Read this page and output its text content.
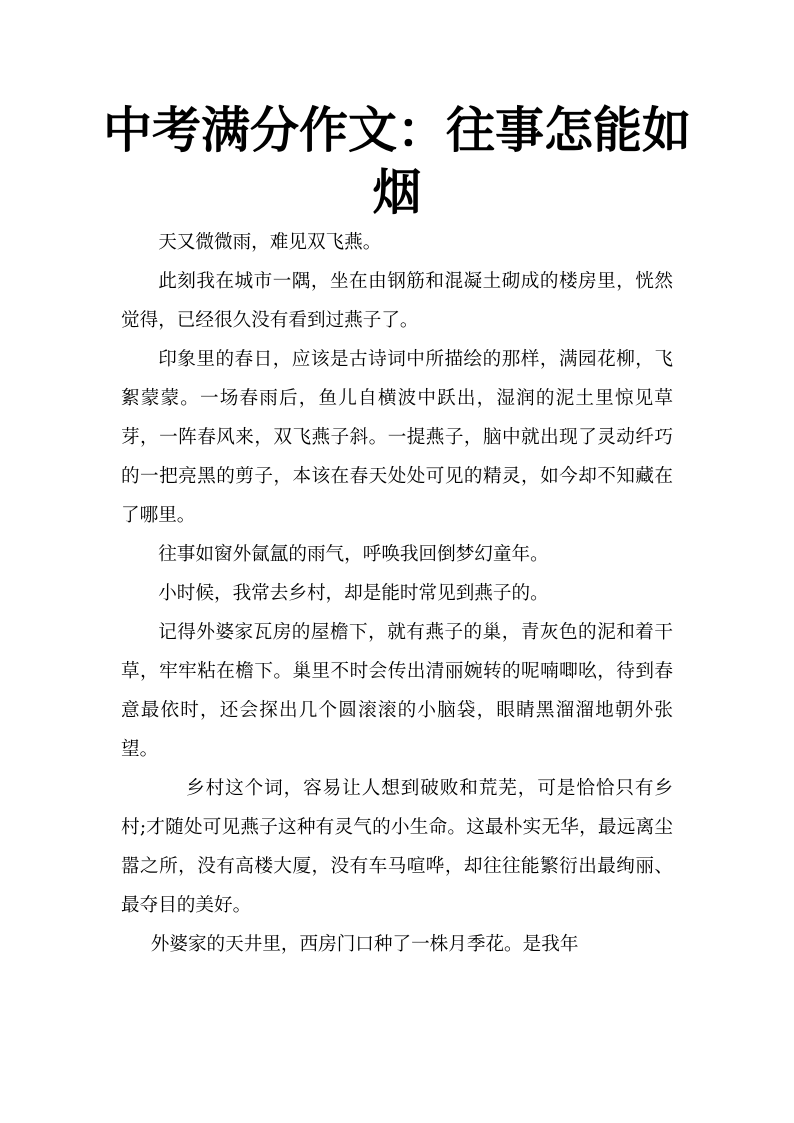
中考满分作文：往事怎能如烟

天又微微雨，难见双飞燕。

此刻我在城市一隅，坐在由钢筋和混凝土砌成的楼房里，恍然觉得，已经很久没有看到过燕子了。

印象里的春日，应该是古诗词中所描绘的那样，满园花柳，飞絮蒙蒙。一场春雨后，鱼儿自横波中跃出，湿润的泥土里惊见草芽，一阵春风来，双飞燕子斜。一提燕子，脑中就出现了灵动纤巧的一把亮黑的剪子，本该在春天处处可见的精灵，如今却不知藏在了哪里。

往事如窗外氤氲的雨气，呼唤我回倒梦幻童年。

小时候，我常去乡村，却是能时常见到燕子的。

记得外婆家瓦房的屋檐下，就有燕子的巢，青灰色的泥和着干草，牢牢粘在檐下。巢里不时会传出清丽婉转的呢喃唧吆，待到春意最依时，还会探出几个圆滚滚的小脑袋，眼睛黑溜溜地朝外张望。

乡村这个词，容易让人想到破败和荒芜，可是恰恰只有乡村;才随处可见燕子这种有灵气的小生命。这最朴实无华，最远离尘嚣之所，没有高楼大厦，没有车马喧哗，却往往能繁衍出最绚丽、最夺目的美好。

外婆家的天井里，西房门口种了一株月季花。是我年
